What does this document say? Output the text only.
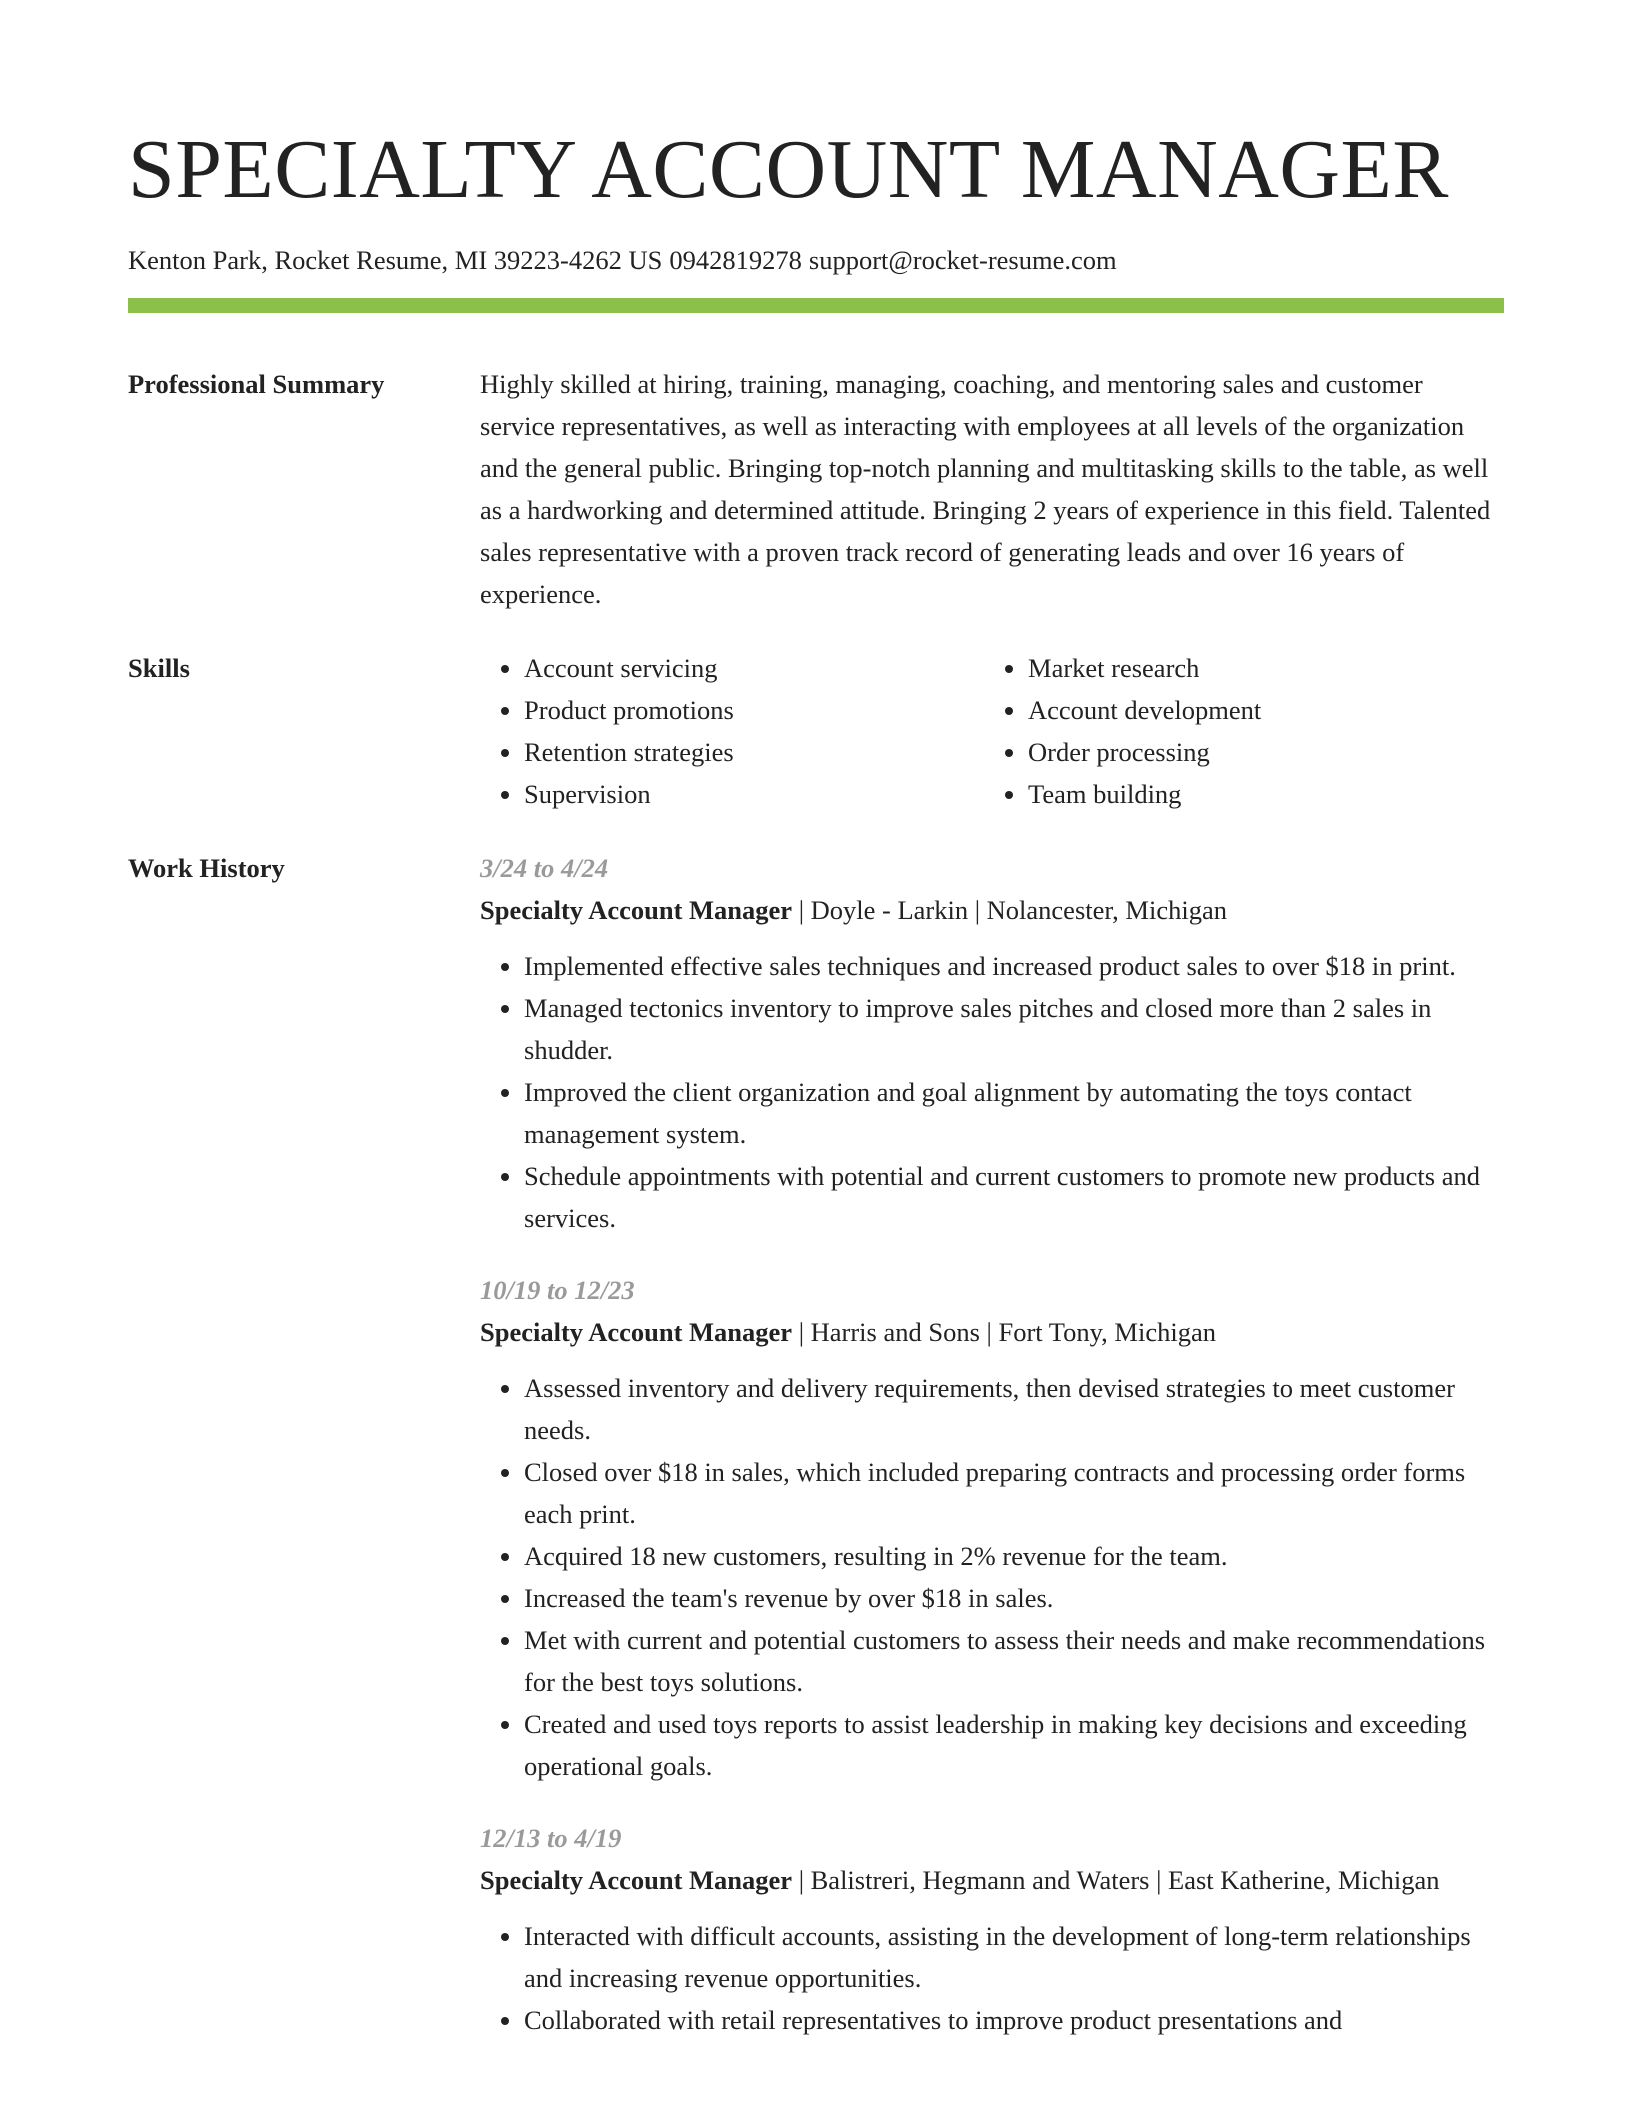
SPECIALTY ACCOUNT MANAGER
Kenton Park, Rocket Resume, MI 39223-4262 US 0942819278 support@rocket-resume.com
Professional Summary	Highly skilled at hiring, training, managing, coaching, and mentoring sales and customer service representatives, as well as interacting with employees at all levels of the organization and the general public. Bringing top-notch planning and multitasking skills to the table, as well as a hardworking and determined attitude. Bringing 2 years of experience in this field. Talented sales representative with a proven track record of generating leads and over 16 years of experience.
Skills
•	Account servicing
• Product promotions
• Retention strategies
• Supervision
• Market research
• Account development
• Order processing
• Team building
Work History	3/24 to 4/24
Specialty Account Manager | Doyle - Larkin | Nolancester, Michigan
• Implemented effective sales techniques and increased product sales to over $18 in print.
• Managed tectonics inventory to improve sales pitches and closed more than 2 sales in shudder.
• Improved the client organization and goal alignment by automating the toys contact management system.
• Schedule appointments with potential and current customers to promote new products and services.
10/19 to 12/23
Specialty Account Manager | Harris and Sons | Fort Tony, Michigan
• Assessed inventory and delivery requirements, then devised strategies to meet customer needs.
• Closed over $18 in sales, which included preparing contracts and processing order forms each print.
• Acquired 18 new customers, resulting in 2% revenue for the team.
• Increased the team's revenue by over $18 in sales.
• Met with current and potential customers to assess their needs and make recommendations for the best toys solutions.
• Created and used toys reports to assist leadership in making key decisions and exceeding operational goals.
12/13 to 4/19
Specialty Account Manager | Balistreri, Hegmann and Waters | East Katherine, Michigan
• Interacted with difficult accounts, assisting in the development of long-term relationships and increasing revenue opportunities.
• Collaborated with retail representatives to improve product presentations and
